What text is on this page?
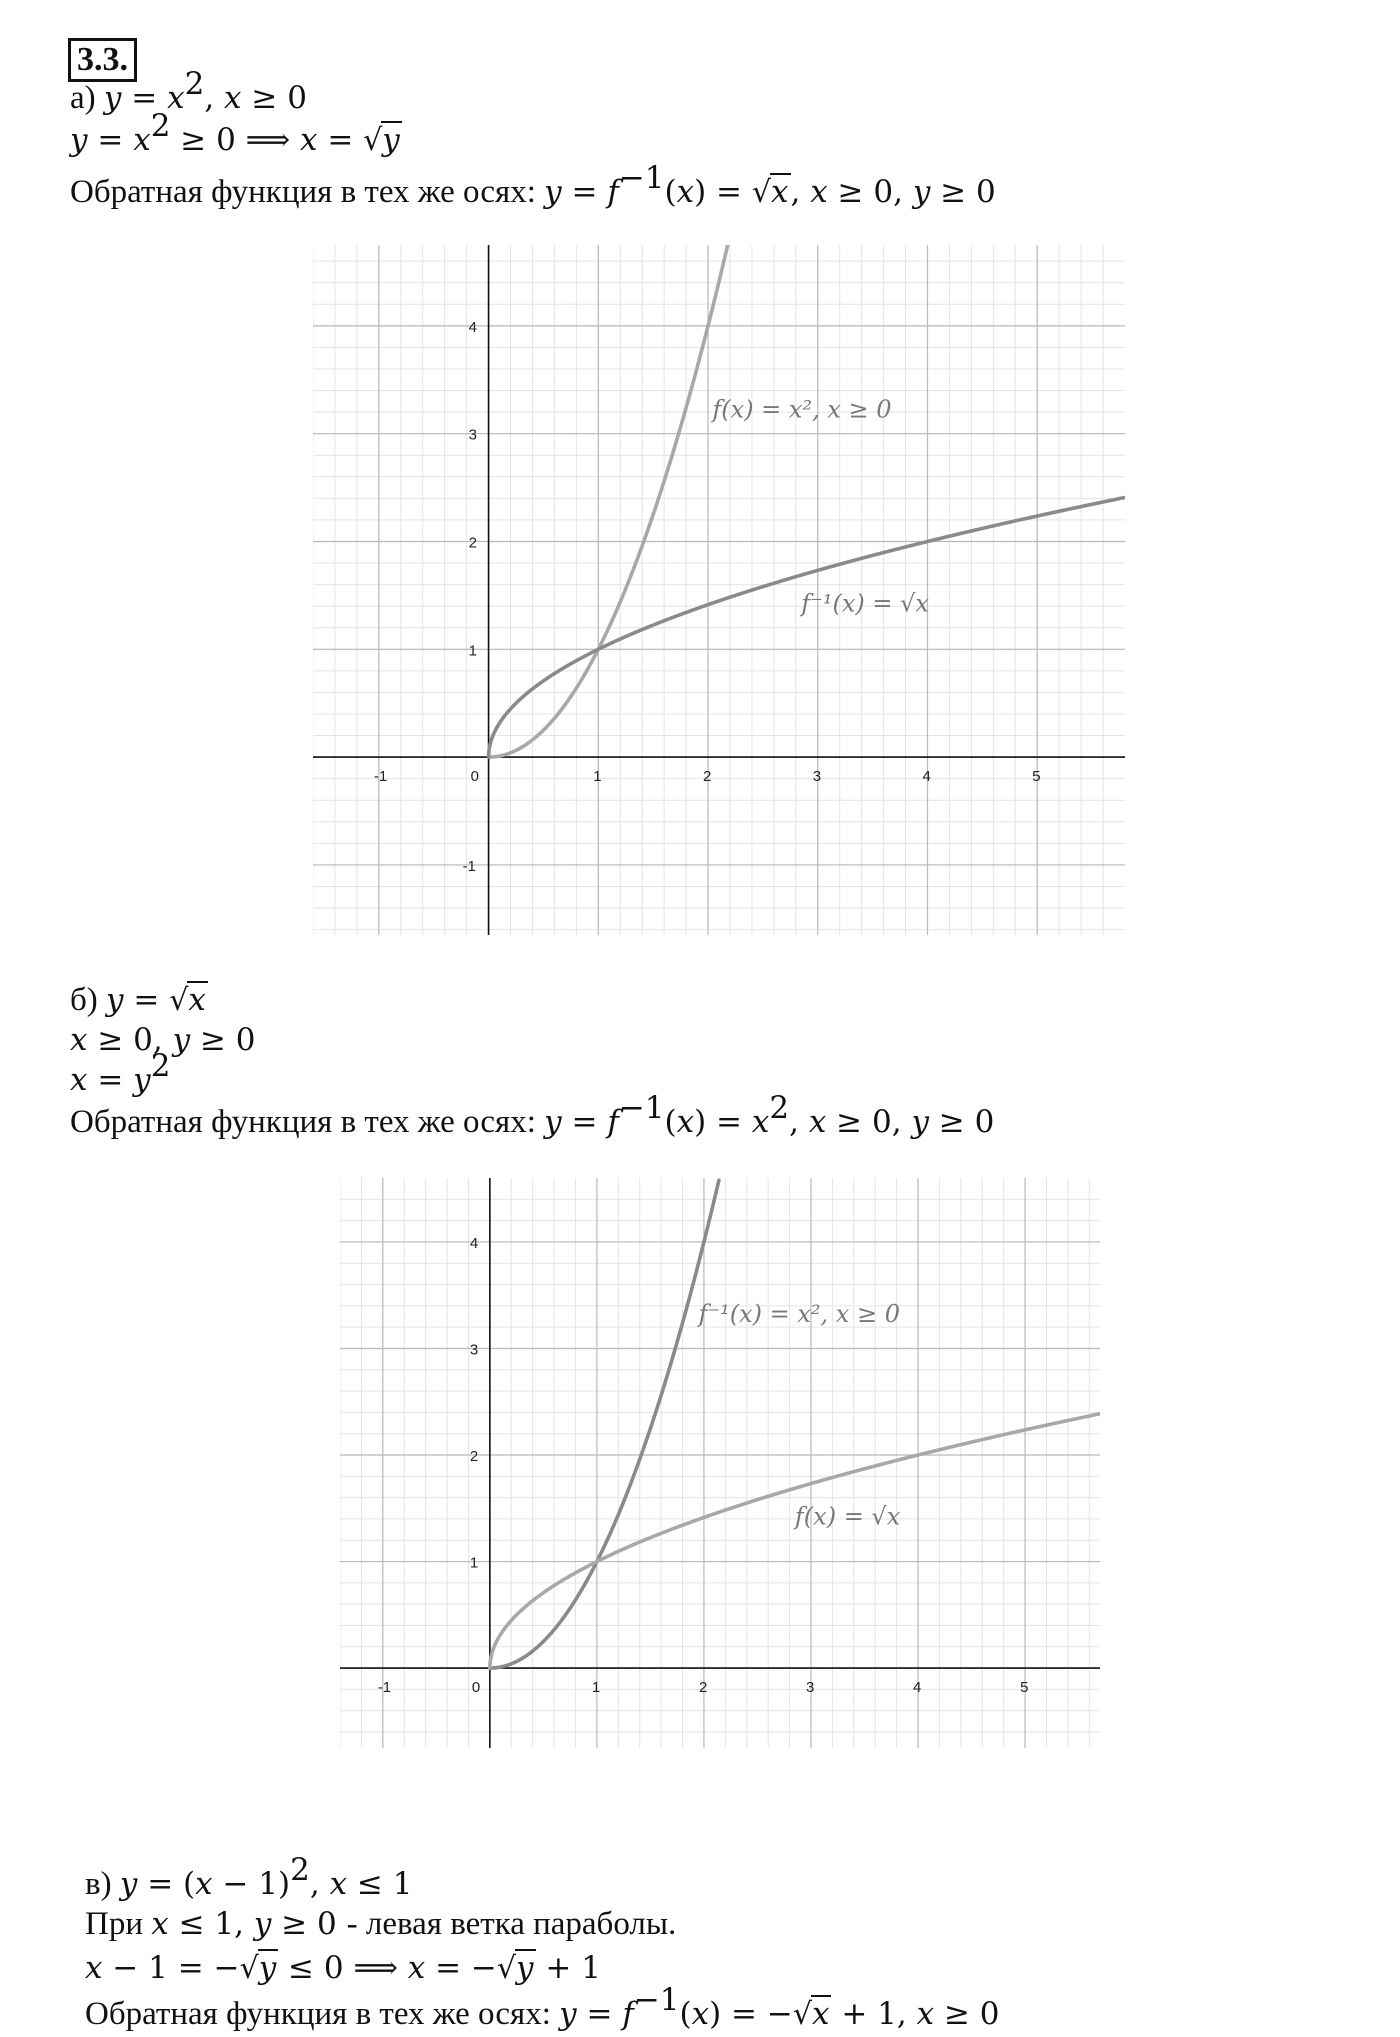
3.3.
а) $y = x^2$, x ≥ 0
$y = x^2 \ge 0$ ⟹ x = √y
Обратная функция в тех же осях: $y = f^{-1}(x) = √x$, x ≥ 0, y ≥ 0
-1	0	1	2	3	4	5
-1
1
2
3
4
f(x) = x², x ≥ 0
f⁻¹(x) = √x
б) y = √x
x ≥ 0, y ≥ 0
$x = y^2$
Обратная функция в тех же осях: $y = f^{-1}(x) = x^2$, x ≥ 0, y ≥ 0
-1	0	1	2	3	4	5
1
2
3
4
f⁻¹(x) = x², x ≥ 0
f(x) = √x
в) $y = (x - 1)^2$, x ≤ 1
При x ≤ 1, y ≥ 0 - левая ветка параболы.
x − 1 = −√y ≤ 0 ⟹ x = −√y + 1
Обратная функция в тех же осях: $y = f^{-1}(x) = -√x + 1$, x ≥ 0
